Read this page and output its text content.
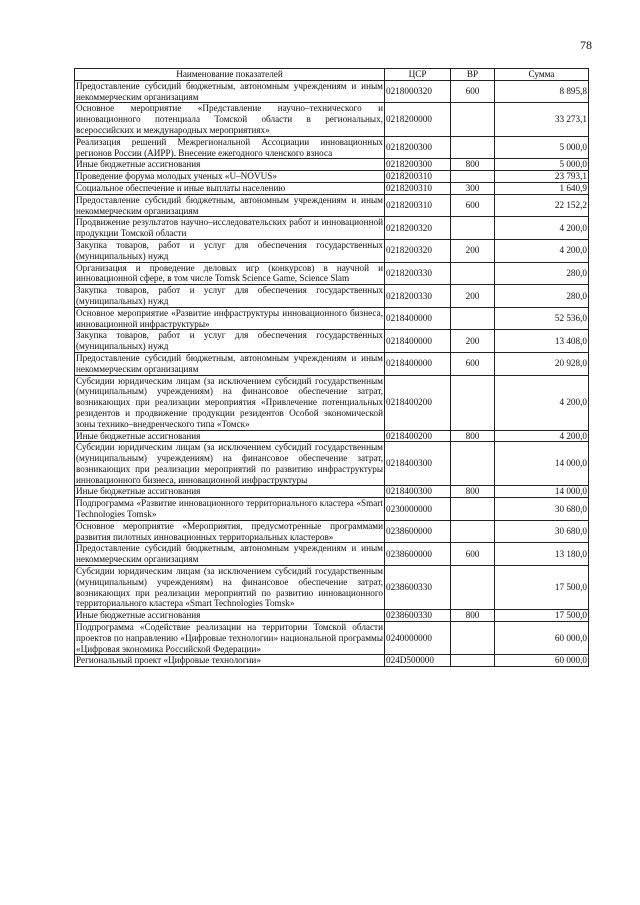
78
Наименование показателей	ЦСР	ВР	Сумма
Предоставление субсидий бюджетным, автономным учреждениям и иным некоммерческим организациям	0218000320	600	8 895,8
Основное мероприятие «Представление научно–технического и инновационного потенциала Томской области в региональных, всероссийских и международных мероприятиях»	0218200000		33 273,1
Реализация решений Межрегиональной Ассоциации инновационных регионов России (АИРР). Внесение ежегодного членского взноса	0218200300		5 000,0
Иные бюджетные ассигнования	0218200300	800	5 000,0
Проведение форума молодых ученых «U–NOVUS»	0218200310		23 793,1
Социальное обеспечение и иные выплаты населению	0218200310	300	1 640,9
Предоставление субсидий бюджетным, автономным учреждениям и иным некоммерческим организациям	0218200310	600	22 152,2
Продвижение результатов научно–исследовательских работ и инновационной продукции Томской области	0218200320		4 200,0
Закупка товаров, работ и услуг для обеспечения государственных (муниципальных) нужд	0218200320	200	4 200,0
Организация и проведение деловых игр (конкурсов) в научной и инновационной сфере, в том числе Tomsk Science Game, Science Slam	0218200330		280,0
Закупка товаров, работ и услуг для обеспечения государственных (муниципальных) нужд	0218200330	200	280,0
Основное мероприятие «Развитие инфраструктуры инновационного бизнеса, инновационной инфраструктуры»	0218400000		52 536,0
Закупка товаров, работ и услуг для обеспечения государственных (муниципальных) нужд	0218400000	200	13 408,0
Предоставление субсидий бюджетным, автономным учреждениям и иным некоммерческим организациям	0218400000	600	20 928,0
Субсидии юридическим лицам (за исключением субсидий государственным (муниципальным) учреждениям) на финансовое обеспечение затрат, возникающих при реализации мероприятия «Привлечение потенциальных резидентов и продвижение продукции резидентов Особой экономической зоны технико–внедренческого типа «Томск»	0218400200		4 200,0
Иные бюджетные ассигнования	0218400200	800	4 200,0
Субсидии юридическим лицам (за исключением субсидий государственным (муниципальным) учреждениям) на финансовое обеспечение затрат, возникающих при реализации мероприятий по развитию инфраструктуры инновационного бизнеса, инновационной инфраструктуры	0218400300		14 000,0
Иные бюджетные ассигнования	0218400300	800	14 000,0
Подпрограмма «Развитие инновационного территориального кластера «Smart Technologies Tomsk»	0230000000		30 680,0
Основное мероприятие «Мероприятия, предусмотренные программами развития пилотных инновационных территориальных кластеров»	0238600000		30 680,0
Предоставление субсидий бюджетным, автономным учреждениям и иным некоммерческим организациям	0238600000	600	13 180,0
Субсидии юридическим лицам (за исключением субсидий государственным (муниципальным) учреждениям) на финансовое обеспечение затрат, возникающих при реализации мероприятий по развитию инновационного территориального кластера «Smart Technologies Tomsk»	0238600330		17 500,0
Иные бюджетные ассигнования	0238600330	800	17 500,0
Подпрограмма «Содействие реализации на территории Томской области проектов по направлению «Цифровые технологии» национальной программы «Цифровая экономика Российской Федерации»	0240000000		60 000,0
Региональный проект «Цифровые технологии»	024D500000		60 000,0
